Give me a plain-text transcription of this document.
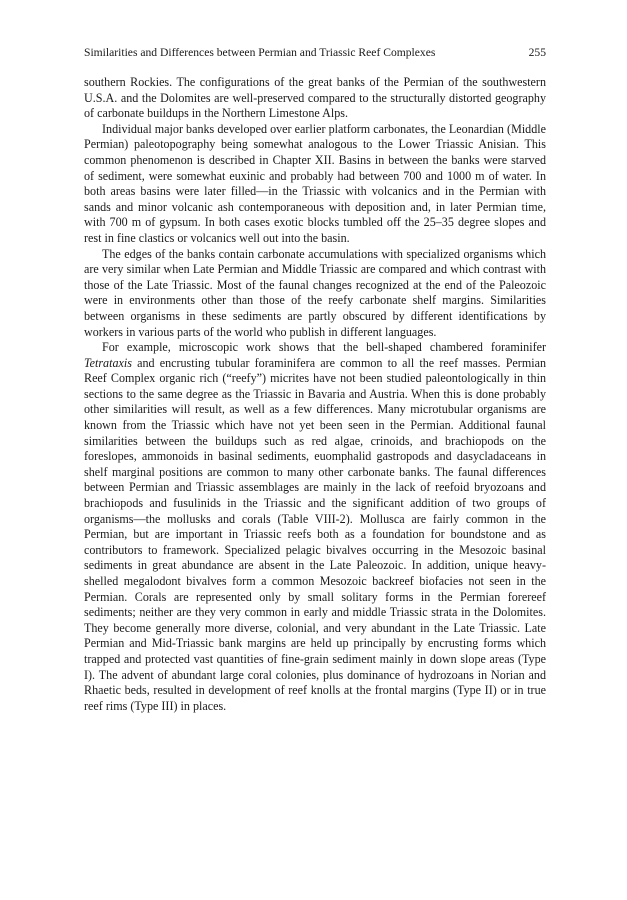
Similarities and Differences between Permian and Triassic Reef Complexes	255

southern Rockies. The configurations of the great banks of the Permian of the southwestern U.S.A. and the Dolomites are well-preserved compared to the structurally distorted geography of carbonate buildups in the Northern Limestone Alps.

Individual major banks developed over earlier platform carbonates, the Leonardian (Middle Permian) paleotopography being somewhat analogous to the Lower Triassic Anisian. This common phenomenon is described in Chapter XII. Basins in between the banks were starved of sediment, were somewhat euxinic and probably had between 700 and 1000 m of water. In both areas basins were later filled—in the Triassic with volcanics and in the Permian with sands and minor volcanic ash contemporaneous with deposition and, in later Permian time, with 700 m of gypsum. In both cases exotic blocks tumbled off the 25–35 degree slopes and rest in fine clastics or volcanics well out into the basin.

The edges of the banks contain carbonate accumulations with specialized organisms which are very similar when Late Permian and Middle Triassic are compared and which contrast with those of the Late Triassic. Most of the faunal changes recognized at the end of the Paleozoic were in environments other than those of the reefy carbonate shelf margins. Similarities between organisms in these sediments are partly obscured by different identifications by workers in various parts of the world who publish in different languages.

For example, microscopic work shows that the bell-shaped chambered foraminifer Tetrataxis and encrusting tubular foraminifera are common to all the reef masses. Permian Reef Complex organic rich (“reefy”) micrites have not been studied paleontologically in thin sections to the same degree as the Triassic in Bavaria and Austria. When this is done probably other similarities will result, as well as a few differences. Many microtubular organisms are known from the Triassic which have not yet been seen in the Permian. Additional faunal similarities between the buildups such as red algae, crinoids, and brachiopods on the foreslopes, ammonoids in basinal sediments, euomphalid gastropods and dasycladaceans in shelf marginal positions are common to many other carbonate banks. The faunal differences between Permian and Triassic assemblages are mainly in the lack of reefoid bryozoans and brachiopods and fusulinids in the Triassic and the significant addition of two groups of organisms—the mollusks and corals (Table VIII-2). Mollusca are fairly common in the Permian, but are important in Triassic reefs both as a foundation for boundstone and as contributors to framework. Specialized pelagic bivalves occurring in the Mesozoic basinal sediments in great abundance are absent in the Late Paleozoic. In addition, unique heavy-shelled megalodont bivalves form a common Mesozoic backreef biofacies not seen in the Permian. Corals are represented only by small solitary forms in the Permian forereef sediments; neither are they very common in early and middle Triassic strata in the Dolomites. They become generally more diverse, colonial, and very abundant in the Late Triassic. Late Permian and Mid-Triassic bank margins are held up principally by encrusting forms which trapped and protected vast quantities of fine-grain sediment mainly in down slope areas (Type I). The advent of abundant large coral colonies, plus dominance of hydrozoans in Norian and Rhaetic beds, resulted in development of reef knolls at the frontal margins (Type II) or in true reef rims (Type III) in places.
